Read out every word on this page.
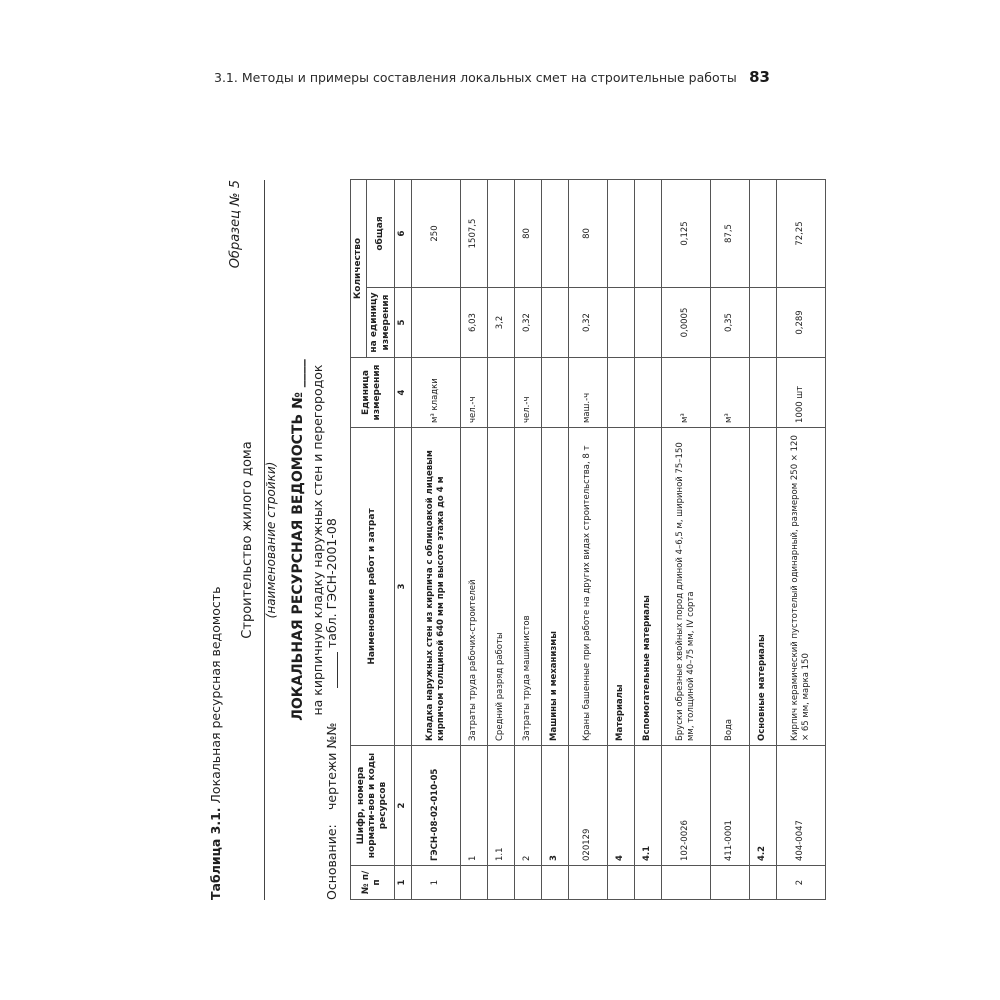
3.1. Методы и примеры составления локальных смет на строительные работы 83
Таблица 3.1. Локальная ресурсная ведомость
Образец № 5
Строительство жилого дома (наименование стройки) ЛОКАЛЬНАЯ РЕСУРСНАЯ ВЕДОМОСТЬ № ____ на кирпичную кладку наружных стен и перегородок
Основание:
чертежи №№
табл. ГЭСН-2001-08
№ п/п	Шифр, номера нормати-вов и коды ресурсов	Наименование работ и затрат	Единица измерения	Количество	
				на единицу измерения	общая
1	2	3	4	5	6
1	ГЭСН-08-02-010-05	Кладка наружных стен из кирпича с облицовкой лицевым кирпичом толщиной 640 мм при высоте этажа до 4 м	м³ кладки		250
	1	Затраты труда рабочих-строителей	чел.-ч	6,03	1507,5
	1.1	Средний разряд работы		3,2	
	2	Затраты труда машинистов	чел.-ч	0,32	80
	3	Машины и механизмы			
	020129	Краны башенные при работе на других видах строительства, 8 т	маш.-ч	0,32	80
	4	Материалы			
	4.1	Вспомогательные материалы			
	102-0026	Бруски обрезные хвойных пород длиной 4–6,5 м, шириной 75–150 мм, толщиной 40–75 мм, IV сорта	м³	0,0005	0,125
	411-0001	Вода	м³	0,35	87,5
	4.2	Основные материалы			
2	404-0047	Кирпич керамический пустотелый одинарный, размером 250 × 120 × 65 мм, марка 150	1000 шт	0,289	72,25
